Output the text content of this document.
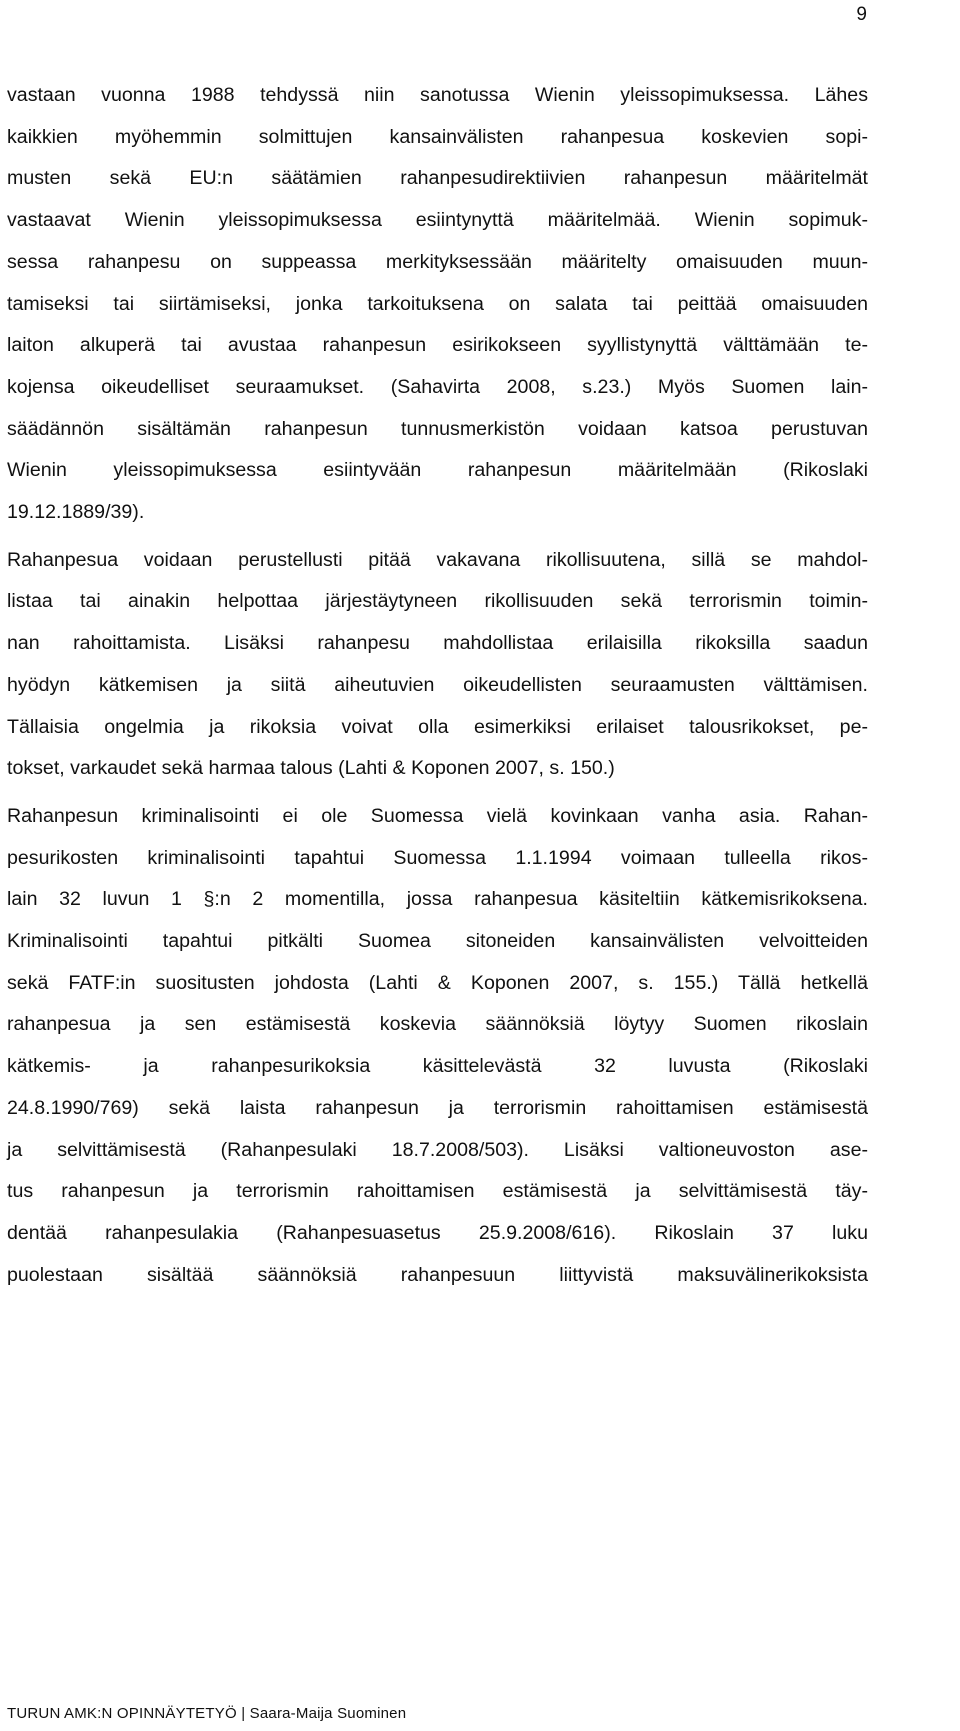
9
vastaan vuonna 1988 tehdyssä niin sanotussa Wienin yleissopimuksessa. Lähes
kaikkien myöhemmin solmittujen kansainvälisten rahanpesua koskevien sopi-
musten sekä EU:n säätämien rahanpesudirektiivien rahanpesun määritelmät
vastaavat Wienin yleissopimuksessa esiintynyttä määritelmää. Wienin sopimuk-
sessa rahanpesu on suppeassa merkityksessään määritelty omaisuuden muun-
tamiseksi tai siirtämiseksi, jonka tarkoituksena on salata tai peittää omaisuuden
laiton alkuperä tai avustaa rahanpesun esirikokseen syyllistynyttä välttämään te-
kojensa oikeudelliset seuraamukset. (Sahavirta 2008, s.23.) Myös Suomen lain-
säädännön sisältämän rahanpesun tunnusmerkistön voidaan katsoa perustuvan
Wienin yleissopimuksessa esiintyvään rahanpesun määritelmään (Rikoslaki
19.12.1889/39).
Rahanpesua voidaan perustellusti pitää vakavana rikollisuutena, sillä se mahdol-
listaa tai ainakin helpottaa järjestäytyneen rikollisuuden sekä terrorismin toimin-
nan rahoittamista. Lisäksi rahanpesu mahdollistaa erilaisilla rikoksilla saadun
hyödyn kätkemisen ja siitä aiheutuvien oikeudellisten seuraamusten välttämisen.
Tällaisia ongelmia ja rikoksia voivat olla esimerkiksi erilaiset talousrikokset, pe-
tokset, varkaudet sekä harmaa talous (Lahti & Koponen 2007, s. 150.)
Rahanpesun kriminalisointi ei ole Suomessa vielä kovinkaan vanha asia. Rahan-
pesurikosten kriminalisointi tapahtui Suomessa 1.1.1994 voimaan tulleella rikos-
lain 32 luvun 1 §:n 2 momentilla, jossa rahanpesua käsiteltiin kätkemisrikoksena.
Kriminalisointi tapahtui pitkälti Suomea sitoneiden kansainvälisten velvoitteiden
sekä FATF:in suositusten johdosta (Lahti & Koponen 2007, s. 155.) Tällä hetkellä
rahanpesua ja sen estämisestä koskevia säännöksiä löytyy Suomen rikoslain
kätkemis- ja rahanpesurikoksia käsittelevästä 32 luvusta (Rikoslaki
24.8.1990/769) sekä laista rahanpesun ja terrorismin rahoittamisen estämisestä
ja selvittämisestä (Rahanpesulaki 18.7.2008/503). Lisäksi valtioneuvoston ase-
tus rahanpesun ja terrorismin rahoittamisen estämisestä ja selvittämisestä täy-
dentää rahanpesulakia (Rahanpesuasetus 25.9.2008/616). Rikoslain 37 luku
puolestaan sisältää säännöksiä rahanpesuun liittyvistä maksuvälinerikoksista
TURUN AMK:N OPINNÄYTETYÖ | Saara-Maija Suominen
